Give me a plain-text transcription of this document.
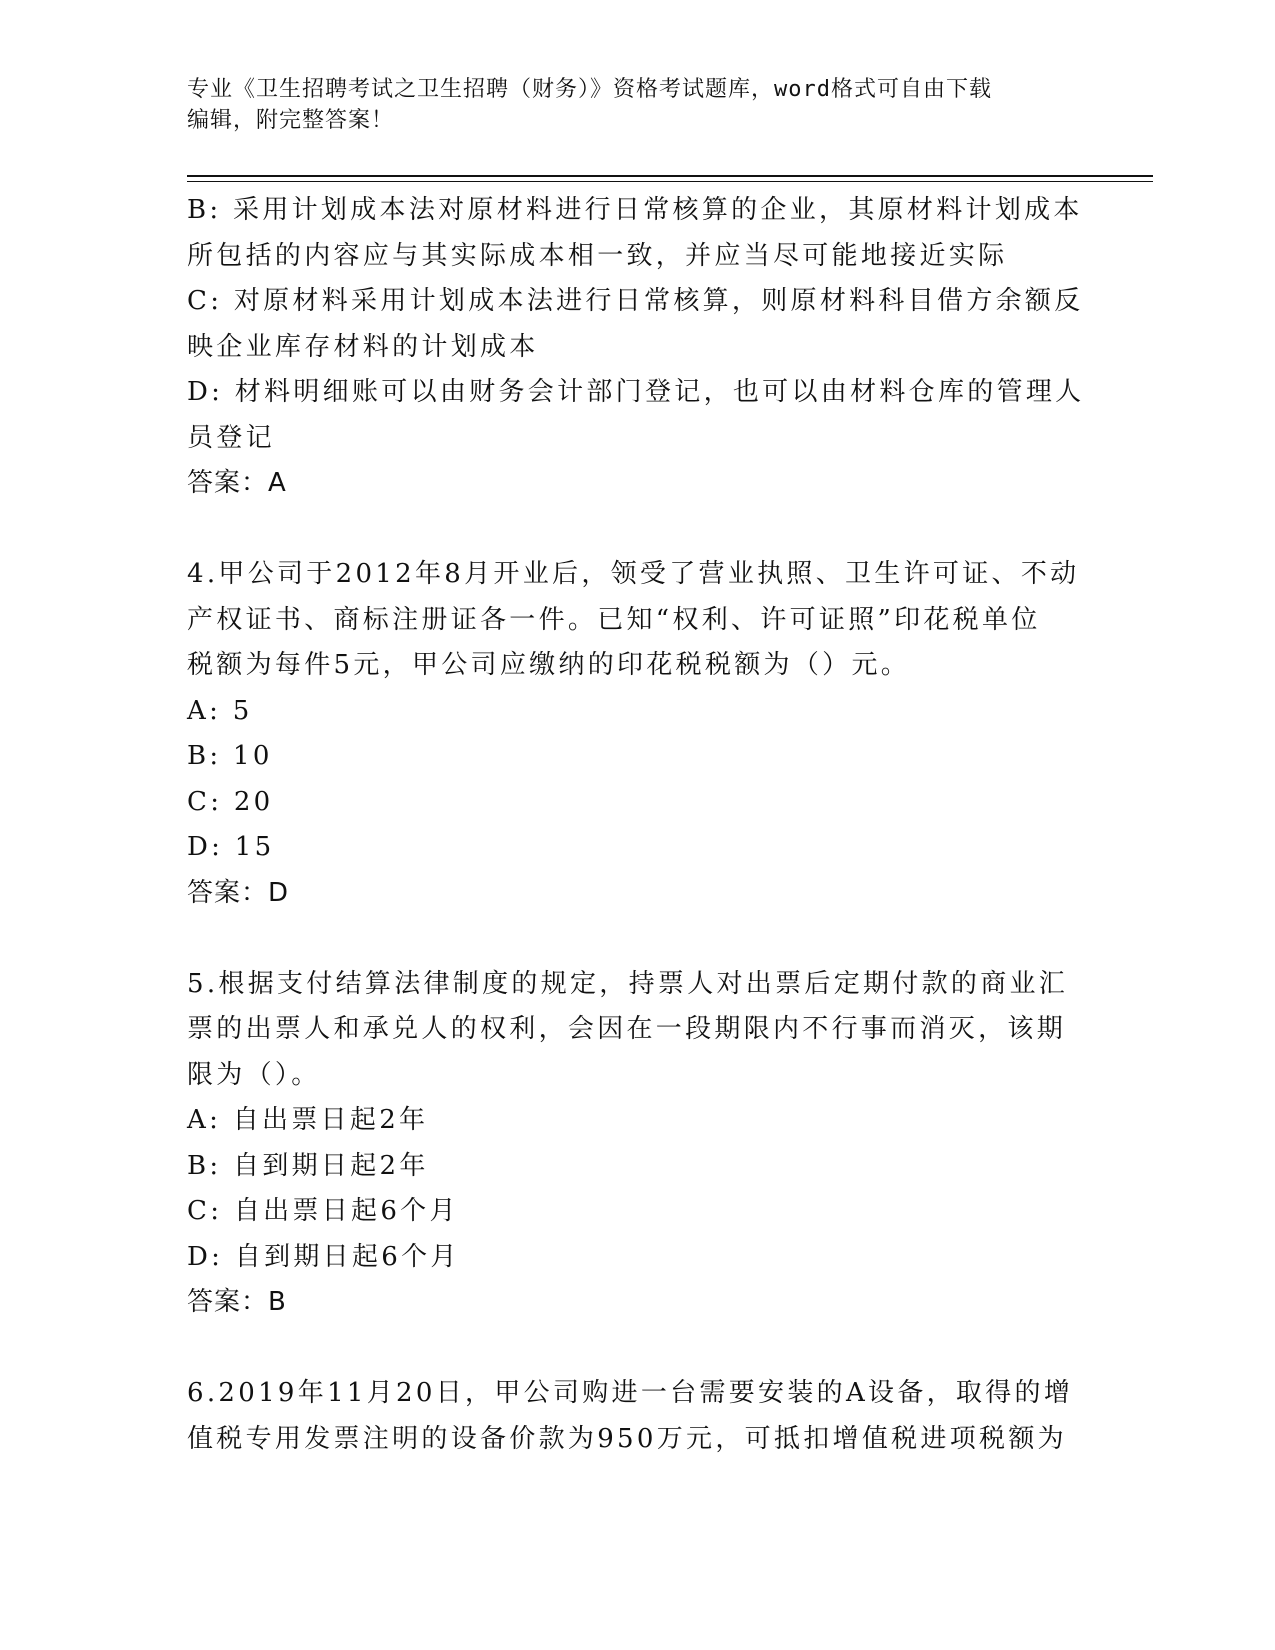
专业《卫生招聘考试之卫生招聘（财务）》资格考试题库，word格式可自由下载
编辑，附完整答案！

B: 采用计划成本法对原材料进行日常核算的企业，其原材料计划成本

所包括的内容应与其实际成本相一致，并应当尽可能地接近实际

C: 对原材料采用计划成本法进行日常核算，则原材料科目借方余额反

映企业库存材料的计划成本

D: 材料明细账可以由财务会计部门登记，也可以由材料仓库的管理人

员登记

答案：A

4.甲公司于2012年8月开业后，领受了营业执照、卫生许可证、不动

产权证书、商标注册证各一件。已知“权利、许可证照”印花税单位

税额为每件5元，甲公司应缴纳的印花税税额为（）元。

A: 5

B: 10

C: 20

D: 15

答案：D

5.根据支付结算法律制度的规定，持票人对出票后定期付款的商业汇

票的出票人和承兑人的权利，会因在一段期限内不行事而消灭，该期

限为（）。

A: 自出票日起2年

B: 自到期日起2年

C: 自出票日起6个月

D: 自到期日起6个月

答案：B

6.2019年11月20日，甲公司购进一台需要安装的A设备，取得的增

值税专用发票注明的设备价款为950万元，可抵扣增值税进项税额为
